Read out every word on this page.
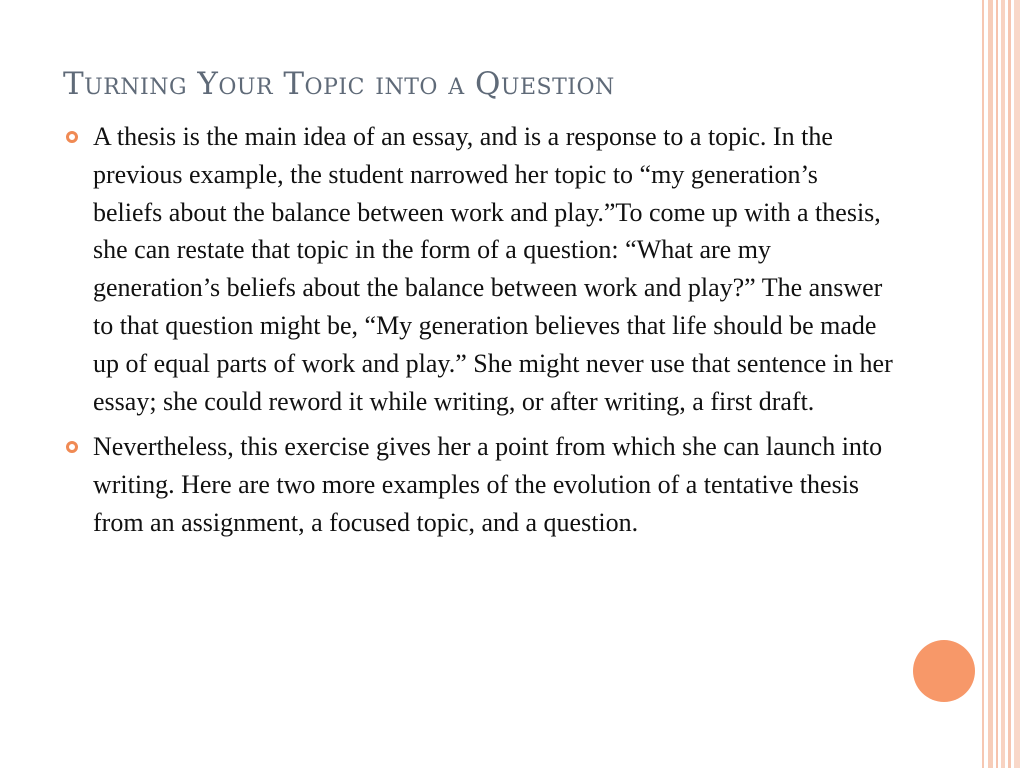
Turning Your Topic into a Question
A thesis is the main idea of an essay, and is a response to a topic. In the previous example, the student narrowed her topic to “my generation’s beliefs about the balance between work and play.”To come up with a thesis, she can restate that topic in the form of a question: “What are my generation’s beliefs about the balance between work and play?” The answer to that question might be, “My generation believes that life should be made up of equal parts of work and play.” She might never use that sentence in her essay; she could reword it while writing, or after writing, a first draft.
Nevertheless, this exercise gives her a point from which she can launch into writing. Here are two more examples of the evolution of a tentative thesis from an assignment, a focused topic, and a question.
